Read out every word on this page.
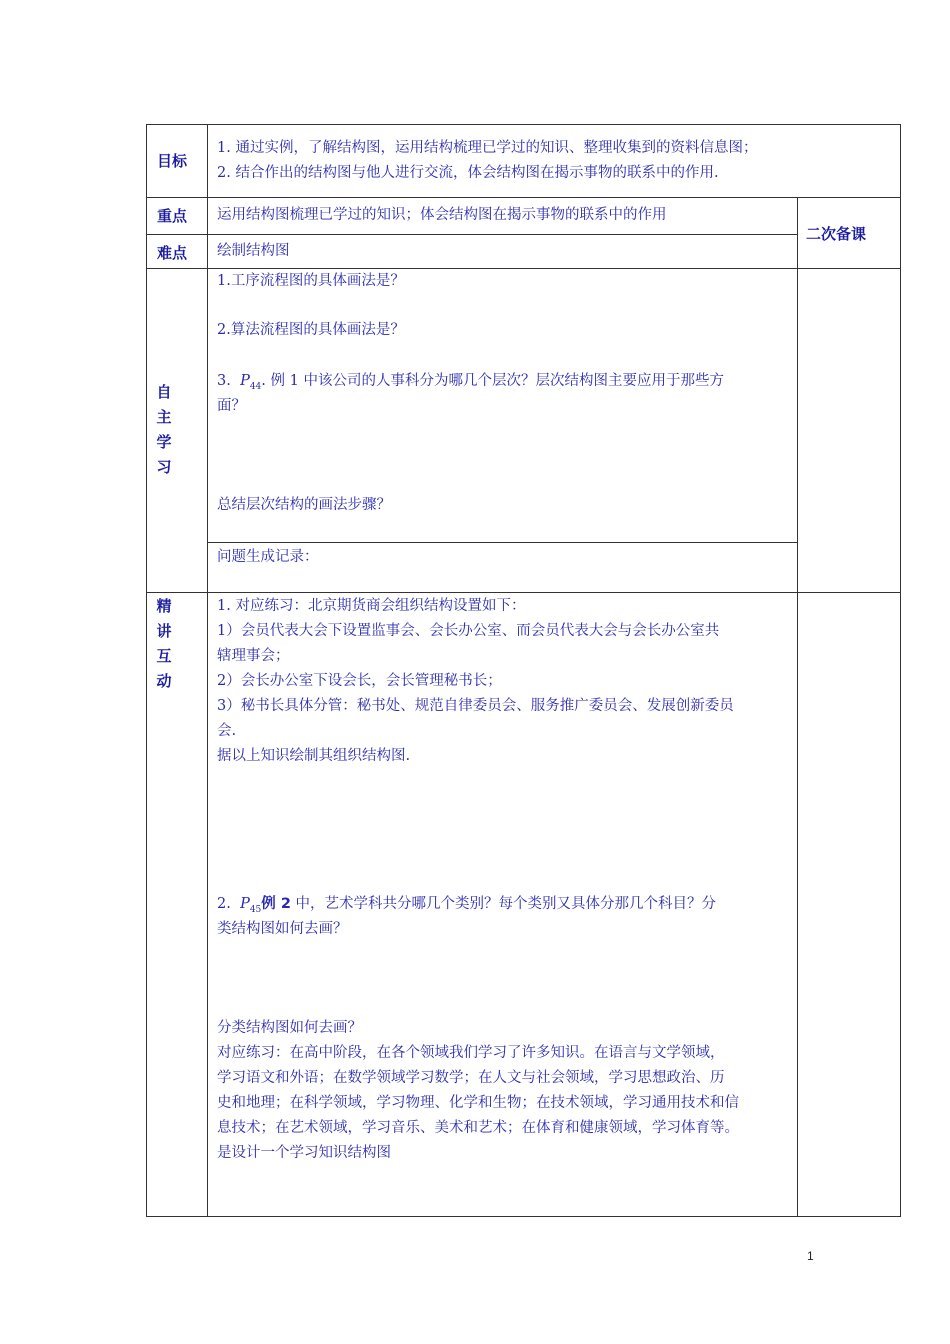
目标
1. 通过实例，了解结构图，运用结构梳理已学过的知识、整理收集到的资料信息图；
2. 结合作出的结构图与他人进行交流，体会结构图在揭示事物的联系中的作用.
重点 运用结构图梳理已学过的知识；体会结构图在揭示事物的联系中的作用
难点 绘制结构图
二次备课
自
主
学
习
1.工序流程图的具体画法是？
2.算法流程图的具体画法是？
3. $P_{44}$. 例 1 中该公司的人事科分为哪几个层次？层次结构图主要应用于那些方
面？
总结层次结构的画法步骤？
问题生成记录：
精
讲
互
动
1. 对应练习：北京期货商会组织结构设置如下：
1）会员代表大会下设置监事会、会长办公室、而会员代表大会与会长办公室共
辖理事会；
2）会长办公室下设会长，会长管理秘书长；
3）秘书长具体分管：秘书处、规范自律委员会、服务推广委员会、发展创新委员
会.
据以上知识绘制其组织结构图.
2. $P_{45}$例 2 中，艺术学科共分哪几个类别？每个类别又具体分那几个科目？分
类结构图如何去画？
分类结构图如何去画？
对应练习：在高中阶段，在各个领域我们学习了许多知识。在语言与文学领域，
学习语文和外语；在数学领域学习数学；在人文与社会领域，学习思想政治、历
史和地理；在科学领域，学习物理、化学和生物；在技术领域，学习通用技术和信
息技术；在艺术领域，学习音乐、美术和艺术；在体育和健康领域，学习体育等。
是设计一个学习知识结构图
1
